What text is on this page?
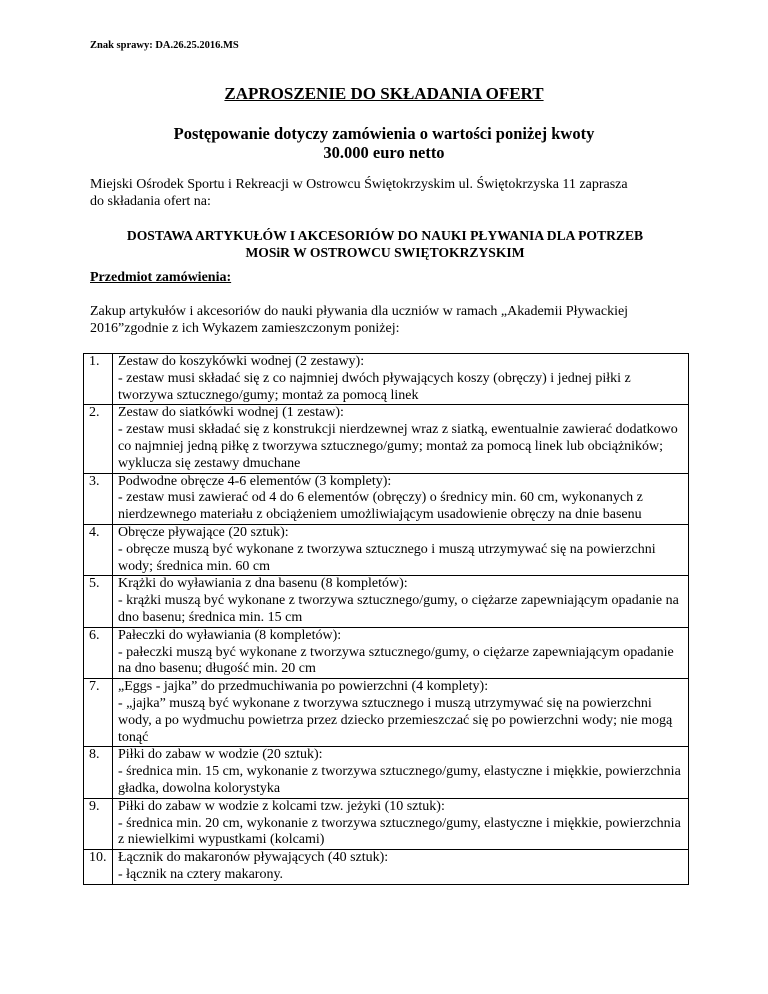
Znak sprawy: DA.26.25.2016.MS
ZAPROSZENIE DO SKŁADANIA OFERT
Postępowanie dotyczy zamówienia o wartości poniżej kwoty
30.000 euro netto
Miejski Ośrodek Sportu i Rekreacji w Ostrowcu Świętokrzyskim ul. Świętokrzyska 11 zaprasza
do składania ofert na:
DOSTAWA ARTYKUŁÓW I AKCESORIÓW DO NAUKI PŁYWANIA DLA POTRZEB
MOSiR W OSTROWCU SWIĘTOKRZYSKIM
Przedmiot zamówienia:
Zakup artykułów i akcesoriów do nauki pływania dla uczniów w ramach „Akademii Pływackiej
2016”zgodnie z ich Wykazem zamieszczonym poniżej:
1.	Zestaw do koszykówki wodnej (2 zestawy):
- zestaw musi składać się z co najmniej dwóch pływających koszy (obręczy) i jednej piłki z tworzywa sztucznego/gumy; montaż za pomocą linek

2.	Zestaw do siatkówki wodnej (1 zestaw):
- zestaw musi składać się z konstrukcji nierdzewnej wraz z siatką, ewentualnie zawierać dodatkowo co najmniej jedną piłkę z tworzywa sztucznego/gumy; montaż za pomocą linek lub obciążników; wyklucza się zestawy dmuchane

3.	Podwodne obręcze 4-6 elementów (3 komplety):
- zestaw musi zawierać od 4 do 6 elementów (obręczy) o średnicy min. 60 cm, wykonanych z nierdzewnego materiału z obciążeniem umożliwiającym usadowienie obręczy na dnie basenu

4.	Obręcze pływające (20 sztuk):
- obręcze muszą być wykonane z tworzywa sztucznego i muszą utrzymywać się na powierzchni wody; średnica min. 60 cm

5.	Krążki do wyławiania z dna basenu (8 kompletów):
- krążki muszą być wykonane z tworzywa sztucznego/gumy, o ciężarze zapewniającym opadanie na dno basenu; średnica min. 15 cm

6.	Pałeczki do wyławiania (8 kompletów):
- pałeczki muszą być wykonane z tworzywa sztucznego/gumy, o ciężarze zapewniającym opadanie na dno basenu; długość min. 20 cm

7.	„Eggs - jajka” do przedmuchiwania po powierzchni (4 komplety):
- „jajka” muszą być wykonane z tworzywa sztucznego i muszą utrzymywać się na powierzchni wody, a po wydmuchu powietrza przez dziecko przemieszczać się po powierzchni wody; nie mogą tonąć

8.	Piłki do zabaw w wodzie (20 sztuk):
- średnica min. 15 cm, wykonanie z tworzywa sztucznego/gumy, elastyczne i miękkie, powierzchnia gładka, dowolna kolorystyka

9.	Piłki do zabaw w wodzie z kolcami tzw. jeżyki (10 sztuk):
- średnica min. 20 cm, wykonanie z tworzywa sztucznego/gumy, elastyczne i miękkie, powierzchnia z niewielkimi wypustkami (kolcami)

10.	Łącznik do makaronów pływających (40 sztuk):
- łącznik na cztery makarony.
